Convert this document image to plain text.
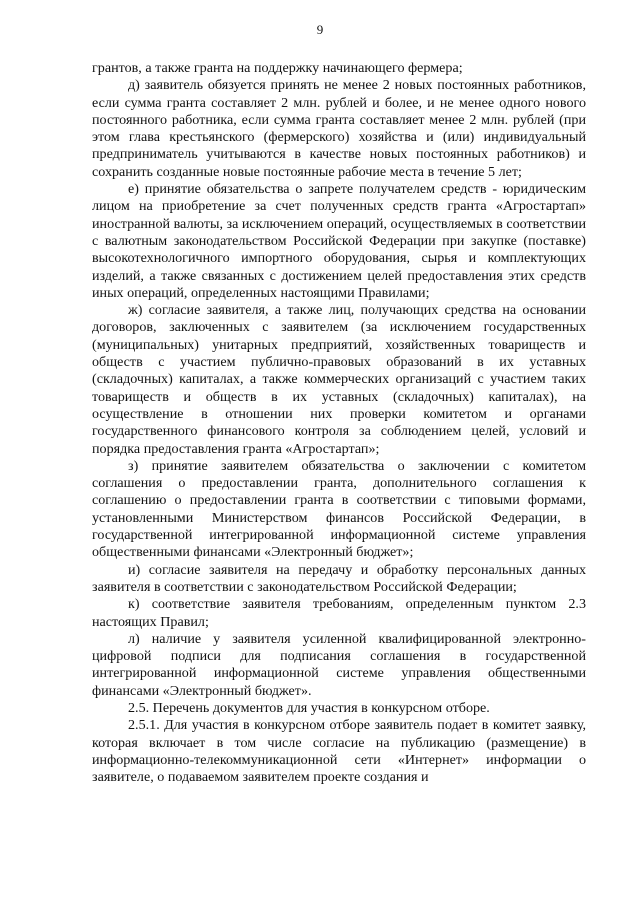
9

грантов, а также гранта на поддержку начинающего фермера;

д) заявитель обязуется принять не менее 2 новых постоянных работников, если сумма гранта составляет 2 млн. рублей и более, и не менее одного нового постоянного работника, если сумма гранта составляет менее 2 млн. рублей (при этом глава крестьянского (фермерского) хозяйства и (или) индивидуальный предприниматель учитываются в качестве новых постоянных работников) и сохранить созданные новые постоянные рабочие места в течение 5 лет;

е) принятие обязательства о запрете получателем средств - юридическим лицом на приобретение за счет полученных средств гранта «Агростартап» иностранной валюты, за исключением операций, осуществляемых в соответствии с валютным законодательством Российской Федерации при закупке (поставке) высокотехнологичного импортного оборудования, сырья и комплектующих изделий, а также связанных с достижением целей предоставления этих средств иных операций, определенных настоящими Правилами;

ж) согласие заявителя, а также лиц, получающих средства на основании договоров, заключенных с заявителем (за исключением государственных (муниципальных) унитарных предприятий, хозяйственных товариществ и обществ с участием публично-правовых образований в их уставных (складочных) капиталах, а также коммерческих организаций с участием таких товариществ и обществ в их уставных (складочных) капиталах), на осуществление в отношении них проверки комитетом и органами государственного финансового контроля за соблюдением целей, условий и порядка предоставления гранта «Агростартап»;

з) принятие заявителем обязательства о заключении с комитетом соглашения о предоставлении гранта, дополнительного соглашения к соглашению о предоставлении гранта в соответствии с типовыми формами, установленными Министерством финансов Российской Федерации, в государственной интегрированной информационной системе управления общественными финансами «Электронный бюджет»;

и) согласие заявителя на передачу и обработку персональных данных заявителя в соответствии с законодательством Российской Федерации;

к) соответствие заявителя требованиям, определенным пунктом 2.3 настоящих Правил;

л) наличие у заявителя усиленной квалифицированной электронно-цифровой подписи для подписания соглашения в государственной интегрированной информационной системе управления общественными финансами «Электронный бюджет».

2.5. Перечень документов для участия в конкурсном отборе.

2.5.1. Для участия в конкурсном отборе заявитель подает в комитет заявку, которая включает в том числе согласие на публикацию (размещение) в информационно-телекоммуникационной сети «Интернет» информации о заявителе, о подаваемом заявителем проекте создания и
